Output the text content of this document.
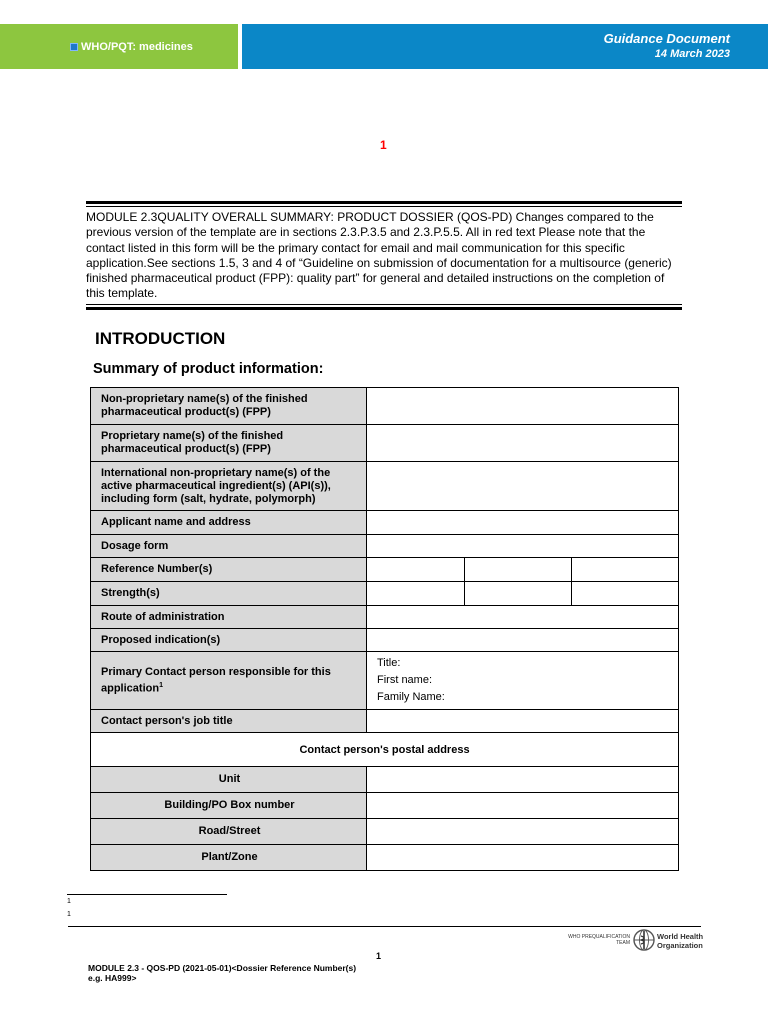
WHO/PQT: medicines
Guidance Document
14 March 2023
1

MODULE 2.3QUALITY OVERALL SUMMARY: PRODUCT DOSSIER (QOS-PD) Changes compared to the previous version of the template are in sections 2.3.P.3.5 and 2.3.P.5.5. All in red text Please note that the contact listed in this form will be the primary contact for email and mail communication for this specific application.See sections 1.5, 3 and 4 of “Guideline on submission of documentation for a multisource (generic) finished pharmaceutical product (FPP): quality part” for general and detailed instructions on the completion of this template.

INTRODUCTION
Summary of product information:
Non-proprietary name(s) of the finished pharmaceutical product(s) (FPP)			
Proprietary name(s) of the finished pharmaceutical product(s) (FPP)			
International non-proprietary name(s) of the active pharmaceutical ingredient(s) (API(s)), including form (salt, hydrate, polymorph)			
Applicant name and address			
Dosage form			
Reference Number(s)			
Strength(s)			
Route of administration			
Proposed indication(s)			
Primary Contact person responsible for this application$^1$	Title:
First name:
Family Name:		

Contact person's job title			
Contact person's postal address			
Unit			
Building/PO Box number			
Road/Street			
Plant/Zone			
1
1
WHO PREQUALIFICATION
TEAM
World Health
Organization
1
MODULE 2.3 - QOS-PD (2021-05-01)<Dossier Reference Number(s)
e.g. HA999>
